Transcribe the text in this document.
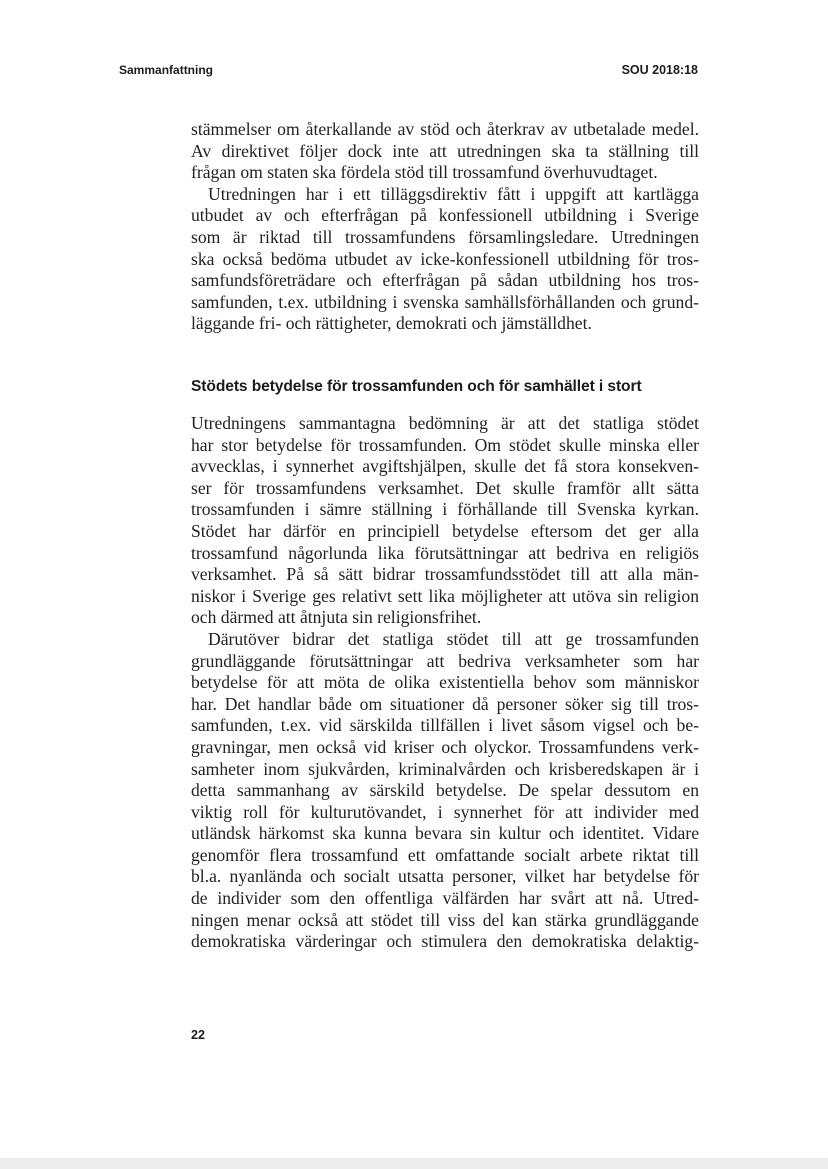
Sammanfattning	SOU 2018:18
stämmelser om återkallande av stöd och återkrav av utbetalade medel.
Av direktivet följer dock inte att utredningen ska ta ställning till
frågan om staten ska fördela stöd till trossamfund överhuvudtaget.
Utredningen har i ett tilläggsdirektiv fått i uppgift att kartlägga
utbudet av och efterfrågan på konfessionell utbildning i Sverige
som är riktad till trossamfundens församlingsledare. Utredningen
ska också bedöma utbudet av icke-konfessionell utbildning för tros-
samfundsföreträdare och efterfrågan på sådan utbildning hos tros-
samfunden, t.ex. utbildning i svenska samhällsförhållanden och grund-
läggande fri- och rättigheter, demokrati och jämställdhet.
Stödets betydelse för trossamfunden och för samhället i stort
Utredningens sammantagna bedömning är att det statliga stödet
har stor betydelse för trossamfunden. Om stödet skulle minska eller
avvecklas, i synnerhet avgiftshjälpen, skulle det få stora konsekven-
ser för trossamfundens verksamhet. Det skulle framför allt sätta
trossamfunden i sämre ställning i förhållande till Svenska kyrkan.
Stödet har därför en principiell betydelse eftersom det ger alla
trossamfund någorlunda lika förutsättningar att bedriva en religiös
verksamhet. På så sätt bidrar trossamfundsstödet till att alla män-
niskor i Sverige ges relativt sett lika möjligheter att utöva sin religion
och därmed att åtnjuta sin religionsfrihet.
Därutöver bidrar det statliga stödet till att ge trossamfunden
grundläggande förutsättningar att bedriva verksamheter som har
betydelse för att möta de olika existentiella behov som människor
har. Det handlar både om situationer då personer söker sig till tros-
samfunden, t.ex. vid särskilda tillfällen i livet såsom vigsel och be-
gravningar, men också vid kriser och olyckor. Trossamfundens verk-
samheter inom sjukvården, kriminalvården och krisberedskapen är i
detta sammanhang av särskild betydelse. De spelar dessutom en
viktig roll för kulturutövandet, i synnerhet för att individer med
utländsk härkomst ska kunna bevara sin kultur och identitet. Vidare
genomför flera trossamfund ett omfattande socialt arbete riktat till
bl.a. nyanlända och socialt utsatta personer, vilket har betydelse för
de individer som den offentliga välfärden har svårt att nå. Utred-
ningen menar också att stödet till viss del kan stärka grundläggande
demokratiska värderingar och stimulera den demokratiska delaktig-
22
